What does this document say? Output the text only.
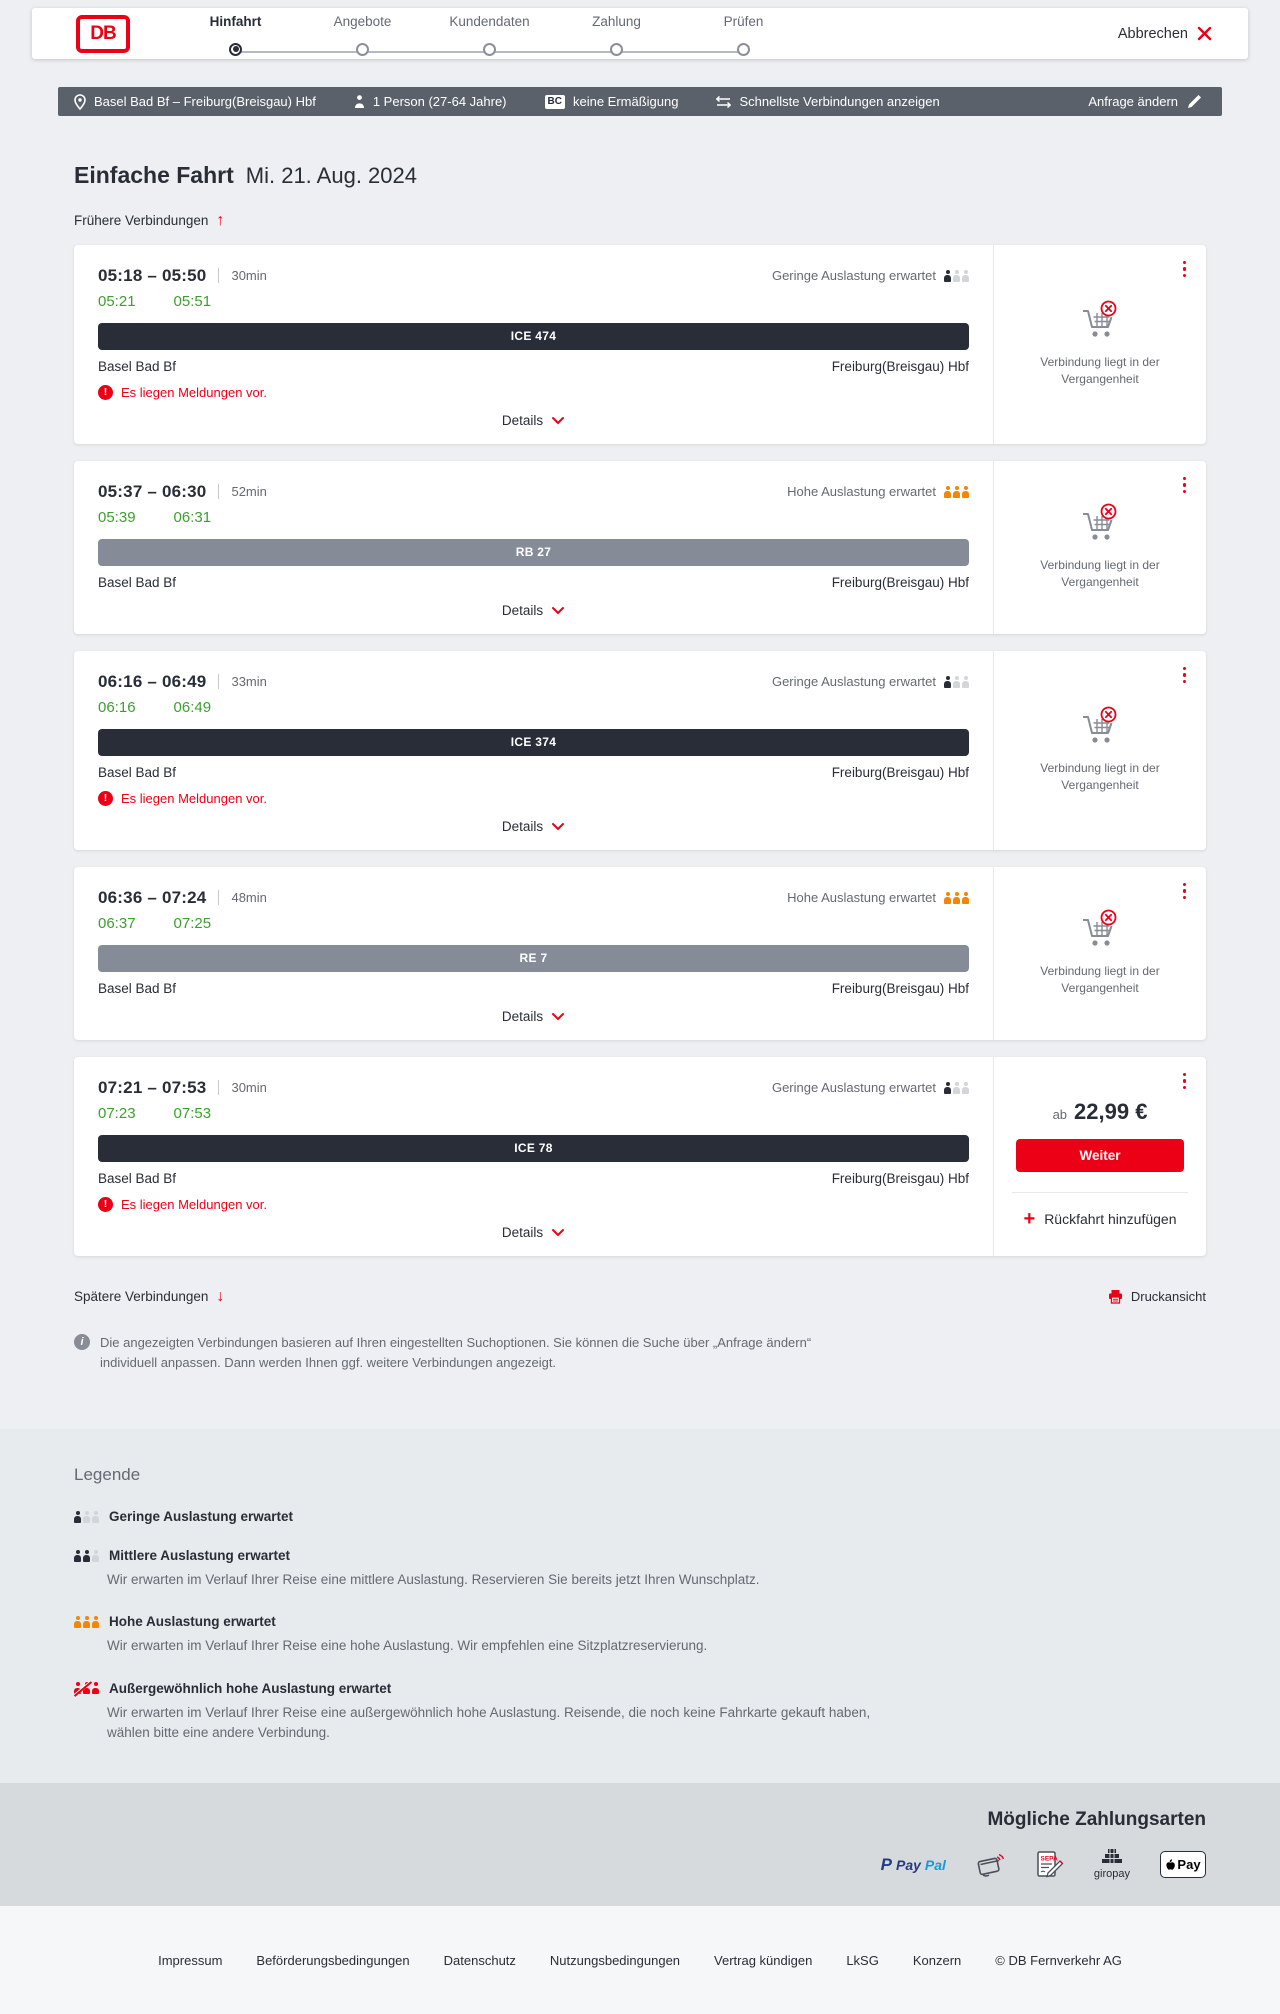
DB
Hinfahrt	Angebote	Kundendaten	Zahlung	Prüfen
Abbrechen
Basel Bad Bf – Freiburg(Breisgau) Hbf	1 Person (27-64 Jahre)	BC keine Ermäßigung	Schnellste Verbindungen anzeigen	Anfrage ändern
Einfache Fahrt Mi. 21. Aug. 2024
Frühere Verbindungen ↑
05:18 – 05:50 30min	Geringe Auslastung erwartet
05:21	05:51
ICE 474
Basel Bad Bf	Freiburg(Breisgau) Hbf
!	Es liegen Meldungen vor.
Details

Verbindung liegt in der Vergangenheit

05:37 – 06:30 52min	Hohe Auslastung erwartet
05:39	06:31
RB 27
Basel Bad Bf	Freiburg(Breisgau) Hbf
Details

Verbindung liegt in der Vergangenheit

06:16 – 06:49 33min	Geringe Auslastung erwartet
06:16	06:49
ICE 374
Basel Bad Bf	Freiburg(Breisgau) Hbf
!	Es liegen Meldungen vor.
Details

Verbindung liegt in der Vergangenheit

06:36 – 07:24 48min	Hohe Auslastung erwartet
06:37	07:25
RE 7
Basel Bad Bf	Freiburg(Breisgau) Hbf
Details

Verbindung liegt in der Vergangenheit

07:21 – 07:53 30min	Geringe Auslastung erwartet
07:23	07:53
ICE 78
Basel Bad Bf	Freiburg(Breisgau) Hbf
!	Es liegen Meldungen vor.
Details
ab 22,99 €
Weiter
+ Rückfahrt hinzufügen
Spätere Verbindungen ↓	Druckansicht
i	Die angezeigten Verbindungen basieren auf Ihren eingestellten Suchoptionen. Sie können die Suche über „Anfrage ändern“ individuell anpassen. Dann werden Ihnen ggf. weitere Verbindungen angezeigt.

Legende
Geringe Auslastung erwartet
Mittlere Auslastung erwartet

Wir erwarten im Verlauf Ihrer Reise eine mittlere Auslastung. Reservieren Sie bereits jetzt Ihren Wunschplatz.

Hohe Auslastung erwartet

Wir erwarten im Verlauf Ihrer Reise eine hohe Auslastung. Wir empfehlen eine Sitzplatzreservierung.

Außergewöhnlich hohe Auslastung erwartet

Wir erwarten im Verlauf Ihrer Reise eine außergewöhnlich hohe Auslastung. Reisende, die noch keine Fahrkarte gekauft haben, wählen bitte eine andere Verbindung.

Mögliche Zahlungsarten
P Pay Pal	SEPA
giropay
Pay
Impressum	Beförderungsbedingungen	Datenschutz	Nutzungsbedingungen	Vertrag kündigen	LkSG	Konzern	© DB Fernverkehr AG
